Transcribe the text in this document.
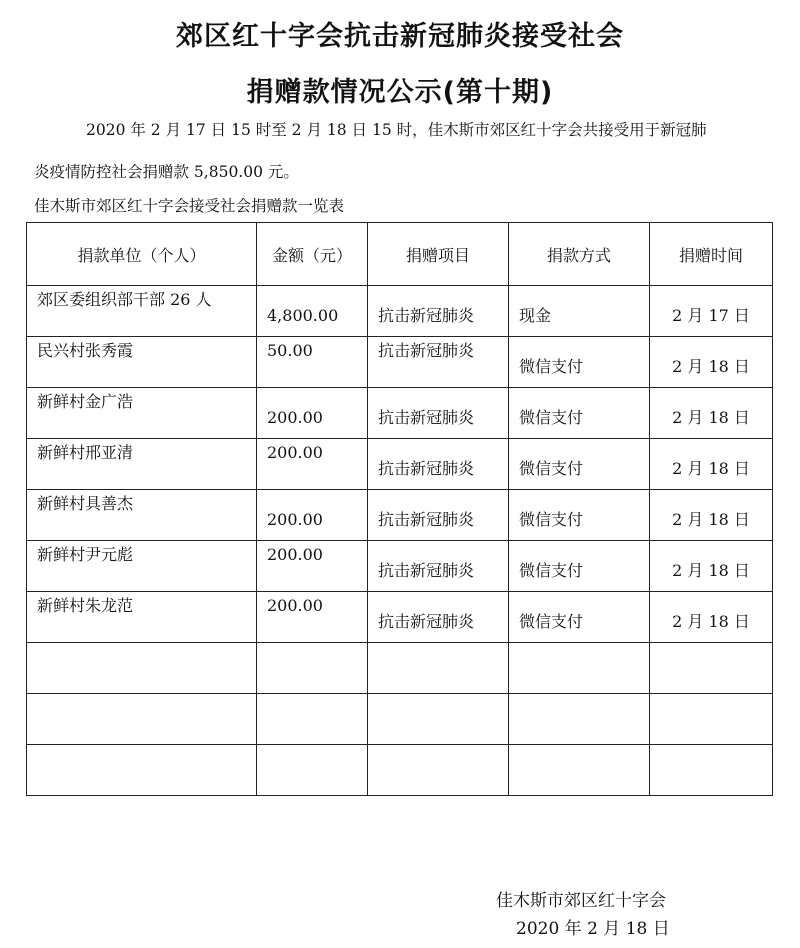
郊区红十字会抗击新冠肺炎接受社会
捐赠款情况公示(第十期)
2020 年 2 月 17 日 15 时至 2 月 18 日 15 时，佳木斯市郊区红十字会共接受用于新冠肺
炎疫情防控社会捐赠款 5,850.00 元。
佳木斯市郊区红十字会接受社会捐赠款一览表
捐款单位（个人）	金额（元）	捐赠项目	捐款方式	捐赠时间

郊区委组织部干部 26 人	4,800.00	抗击新冠肺炎	现金	2 月 17 日

民兴村张秀霞	50.00	抗击新冠肺炎	微信支付	2 月 18 日

新鲜村金广浩	200.00	抗击新冠肺炎	微信支付	2 月 18 日

新鲜村邢亚清	200.00	抗击新冠肺炎	微信支付	2 月 18 日

新鲜村具善杰	200.00	抗击新冠肺炎	微信支付	2 月 18 日

新鲜村尹元彪	200.00	抗击新冠肺炎	微信支付	2 月 18 日

新鲜村朱龙范	200.00	抗击新冠肺炎	微信支付	2 月 18 日

佳木斯市郊区红十字会
2020 年 2 月 18 日
